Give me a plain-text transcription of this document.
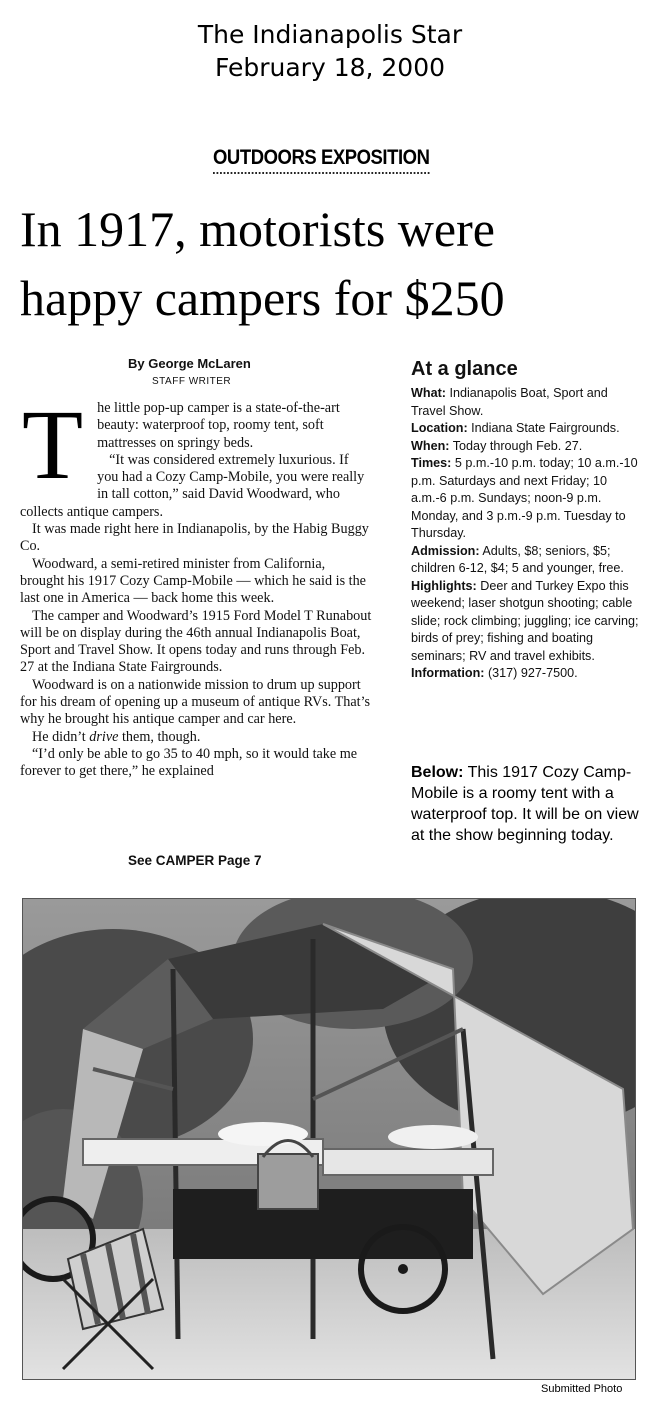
The Indianapolis Star
February 18, 2000
OUTDOORS EXPOSITION
In 1917, motorists were
happy campers for $250
By George McLaren
STAFF WRITER
T he little pop-up camper is a state-of-the-art beauty: waterproof top, roomy tent, soft mattresses on springy beds.

“It was considered extremely luxurious. If you had a Cozy Camp-Mobile, you were really in tall cotton,” said David Woodward, who collects antique campers.

It was made right here in Indianapolis, by the Habig Buggy Co.

Woodward, a semi-retired minister from California, brought his 1917 Cozy Camp-Mobile — which he said is the last one in America — back home this week.

The camper and Woodward’s 1915 Ford Model T Runabout will be on display during the 46th annual Indianapolis Boat, Sport and Travel Show. It opens today and runs through Feb. 27 at the Indiana State Fairgrounds.

Woodward is on a nationwide mission to drum up support for his dream of opening up a museum of antique RVs. That’s why he brought his antique camper and car here.

He didn’t drive them, though.

“I’d only be able to go 35 to 40 mph, so it would take me forever to get there,” he explained

See CAMPER Page 7
At a glance

What: Indianapolis Boat, Sport and Travel Show.

Location: Indiana State Fairgrounds.

When: Today through Feb. 27.

Times: 5 p.m.-10 p.m. today; 10 a.m.-10 p.m. Saturdays and next Friday; 10 a.m.-6 p.m. Sundays; noon-9 p.m. Monday, and 3 p.m.-9 p.m. Tuesday to Thursday.

Admission: Adults, $8; seniors, $5; children 6-12, $4; 5 and younger, free.

Highlights: Deer and Turkey Expo this weekend; laser shotgun shooting; cable slide; rock climbing; juggling; ice carving; birds of prey; fishing and boating seminars; RV and travel exhibits.

Information: (317) 927-7500.

Below: This 1917 Cozy Camp-Mobile is a roomy tent with a waterproof top. It will be on view at the show beginning today.
Submitted Photo
